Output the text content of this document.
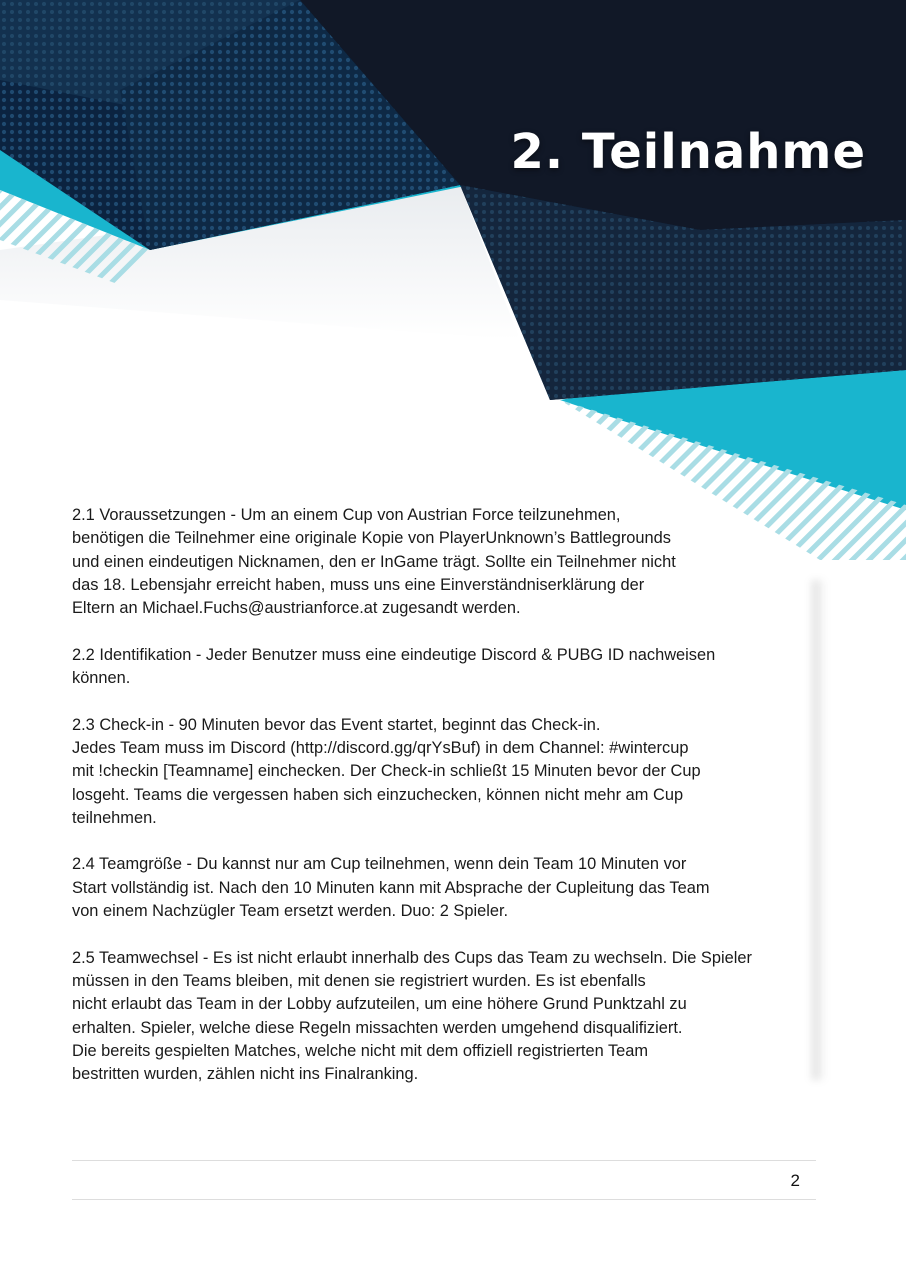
2. Teilnahme

2.1 Voraussetzungen - Um an einem Cup von Austrian Force teilzunehmen,
benötigen die Teilnehmer eine originale Kopie von PlayerUnknown’s Battlegrounds
und einen eindeutigen Nicknamen, den er InGame trägt. Sollte ein Teilnehmer nicht
das 18. Lebensjahr erreicht haben, muss uns eine Einverständniserklärung der
Eltern an Michael.Fuchs@austrianforce.at zugesandt werden.

2.2 Identifikation - Jeder Benutzer muss eine eindeutige Discord & PUBG ID nachweisen
können.

2.3 Check-in - 90 Minuten bevor das Event startet, beginnt das Check-in.
Jedes Team muss im Discord (http://discord.gg/qrYsBuf) in dem Channel: #wintercup
mit !checkin [Teamname] einchecken. Der Check-in schließt 15 Minuten bevor der Cup
losgeht. Teams die vergessen haben sich einzuchecken, können nicht mehr am Cup
teilnehmen.

2.4 Teamgröße - Du kannst nur am Cup teilnehmen, wenn dein Team 10 Minuten vor
Start vollständig ist. Nach den 10 Minuten kann mit Absprache der Cupleitung das Team
von einem Nachzügler Team ersetzt werden. Duo: 2 Spieler.

2.5 Teamwechsel - Es ist nicht erlaubt innerhalb des Cups das Team zu wechseln. Die Spieler
müssen in den Teams bleiben, mit denen sie registriert wurden. Es ist ebenfalls
nicht erlaubt das Team in der Lobby aufzuteilen, um eine höhere Grund Punktzahl zu
erhalten. Spieler, welche diese Regeln missachten werden umgehend disqualifiziert.
Die bereits gespielten Matches, welche nicht mit dem offiziell registrierten Team
bestritten wurden, zählen nicht ins Finalranking.

2
